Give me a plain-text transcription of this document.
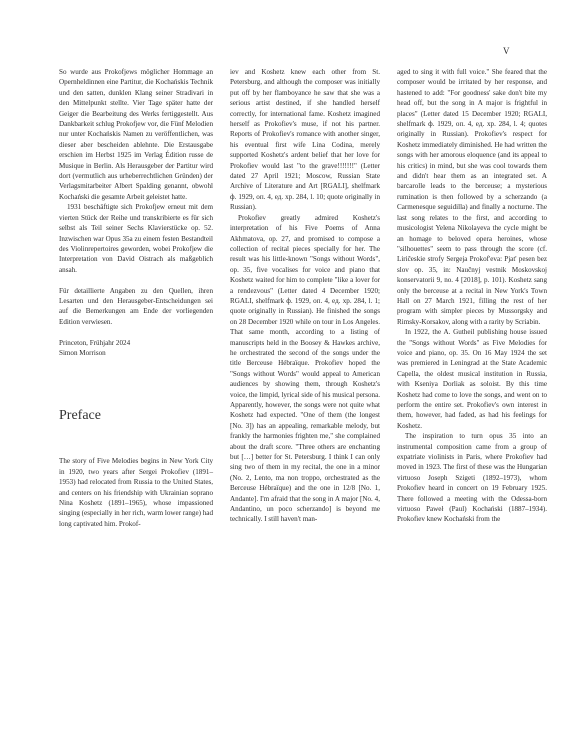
V

So wurde aus Prokofjews möglicher Hommage an Opernheldinnen eine Partitur, die Kochańskis Technik und den satten, dunklen Klang seiner Stradivari in den Mittelpunkt stellte. Vier Tage später hatte der Geiger die Bearbeitung des Werks fertiggestellt. Aus Dankbarkeit schlug Prokofjew vor, die Fünf Melodien nur unter Kochańskis Namen zu veröffentlichen, was dieser aber bescheiden ablehnte. Die Erstausgabe erschien im Herbst 1925 im Verlag Édition russe de Musique in Berlin. Als Herausgeber der Partitur wird dort (vermutlich aus urheberrechtlichen Gründen) der Verlagsmitarbeiter Albert Spalding genannt, obwohl Kochański die gesamte Arbeit geleistet hatte.

1931 beschäftigte sich Prokofjew erneut mit dem vierten Stück der Reihe und transkribierte es für sich selbst als Teil seiner Sechs Klavierstücke op. 52. Inzwischen war Opus 35a zu einem festen Bestandteil des Violinrepertoires geworden, wobei Prokofjew die Interpretation von David Oistrach als maßgeblich ansah.

Für detaillierte Angaben zu den Quellen, ihren Lesarten und den Herausgeber-Entscheidungen sei auf die Bemerkungen am Ende der vorliegenden Edition verwiesen.

Princeton, Frühjahr 2024

Simon Morrison

Preface

The story of Five Melodies begins in New York City in 1920, two years after Sergei Prokofiev (1891–1953) had relocated from Russia to the United States, and centers on his friendship with Ukrainian soprano Nina Koshetz (1891–1965), whose impassioned singing (especially in her rich, warm lower range) had long captivated him. Prokof-

iev and Koshetz knew each other from St. Petersburg, and although the composer was initially put off by her flamboyance he saw that she was a serious artist destined, if she handled herself correctly, for international fame. Koshetz imagined herself as Prokofiev's muse, if not his partner. Reports of Prokofiev's romance with another singer, his eventual first wife Lina Codina, merely supported Koshetz's ardent belief that her love for Prokofiev would last "to the grave!!!!!!!" (Letter dated 27 April 1921; Moscow, Russian State Archive of Literature and Art [RGALI], shelfmark ф. 1929, оп. 4, ед. хр. 284, l. 10; quote originally in Russian).

Prokofiev greatly admired Koshetz's interpretation of his Five Poems of Anna Akhmatova, op. 27, and promised to compose a collection of recital pieces specially for her. The result was his little-known "Songs without Words", op. 35, five vocalises for voice and piano that Koshetz waited for him to complete "like a lover for a rendezvous" (Letter dated 4 December 1920; RGALI, shelfmark ф. 1929, оп. 4, ед. хр. 284, l. 1; quote originally in Russian). He finished the songs on 28 December 1920 while on tour in Los Angeles. That same month, according to a listing of manuscripts held in the Boosey & Hawkes archive, he orchestrated the second of the songs under the title Berceuse Hébraïque. Prokofiev hoped the "Songs without Words" would appeal to American audiences by showing them, through Koshetz's voice, the limpid, lyrical side of his musical persona. Apparently, however, the songs were not quite what Koshetz had expected. "One of them (the longest [No. 3]) has an appealing, remarkable melody, but frankly the harmonies frighten me," she complained about the draft score. "Three others are enchanting but […] better for St. Petersburg. I think I can only sing two of them in my recital, the one in a minor (No. 2, Lento, ma non troppo, orchestrated as the Berceuse Hébraïque) and the one in 12/8 [No. 1, Andante]. I'm afraid that the song in A major [No. 4, Andantino, un poco scherzando] is beyond me technically. I still haven't man-

aged to sing it with full voice." She feared that the composer would be irritated by her response, and hastened to add: "For goodness' sake don't bite my head off, but the song in A major is frightful in places" (Letter dated 15 December 1920; RGALI, shelfmark ф. 1929, оп. 4, ед. хр. 284, l. 4; quotes originally in Russian). Prokofiev's respect for Koshetz immediately diminished. He had written the songs with her amorous eloquence (and its appeal to his critics) in mind, but she was cool towards them and didn't hear them as an integrated set. A barcarolle leads to the berceuse; a mysterious rumination is then followed by a scherzando (a Carmenesque seguidilla) and finally a nocturne. The last song relates to the first, and according to musicologist Yelena Nikolayeva the cycle might be an homage to beloved opera heroines, whose "silhouettes" seem to pass through the score (cf. Liričeskie strofy Sergeja Prokof'eva: Pjat' pesen bez slov op. 35, in: Naučnyj vestnik Moskovskoj konservatorii 9, no. 4 [2018], p. 101). Koshetz sang only the berceuse at a recital in New York's Town Hall on 27 March 1921, filling the rest of her program with simpler pieces by Mussorgsky and Rimsky-Korsakov, along with a rarity by Scriabin.

In 1922, the A. Gutheil publishing house issued the "Songs without Words" as Five Melodies for voice and piano, op. 35. On 16 May 1924 the set was premiered in Leningrad at the State Academic Capella, the oldest musical institution in Russia, with Kseniya Dorliak as soloist. By this time Koshetz had come to love the songs, and went on to perform the entire set. Prokofiev's own interest in them, however, had faded, as had his feelings for Koshetz.

The inspiration to turn opus 35 into an instrumental composition came from a group of expatriate violinists in Paris, where Prokofiev had moved in 1923. The first of these was the Hungarian virtuoso Joseph Szigeti (1892–1973), whom Prokofiev heard in concert on 19 February 1925. There followed a meeting with the Odessa-born virtuoso Paweł (Paul) Kochański (1887–1934). Prokofiev knew Kochański from the
